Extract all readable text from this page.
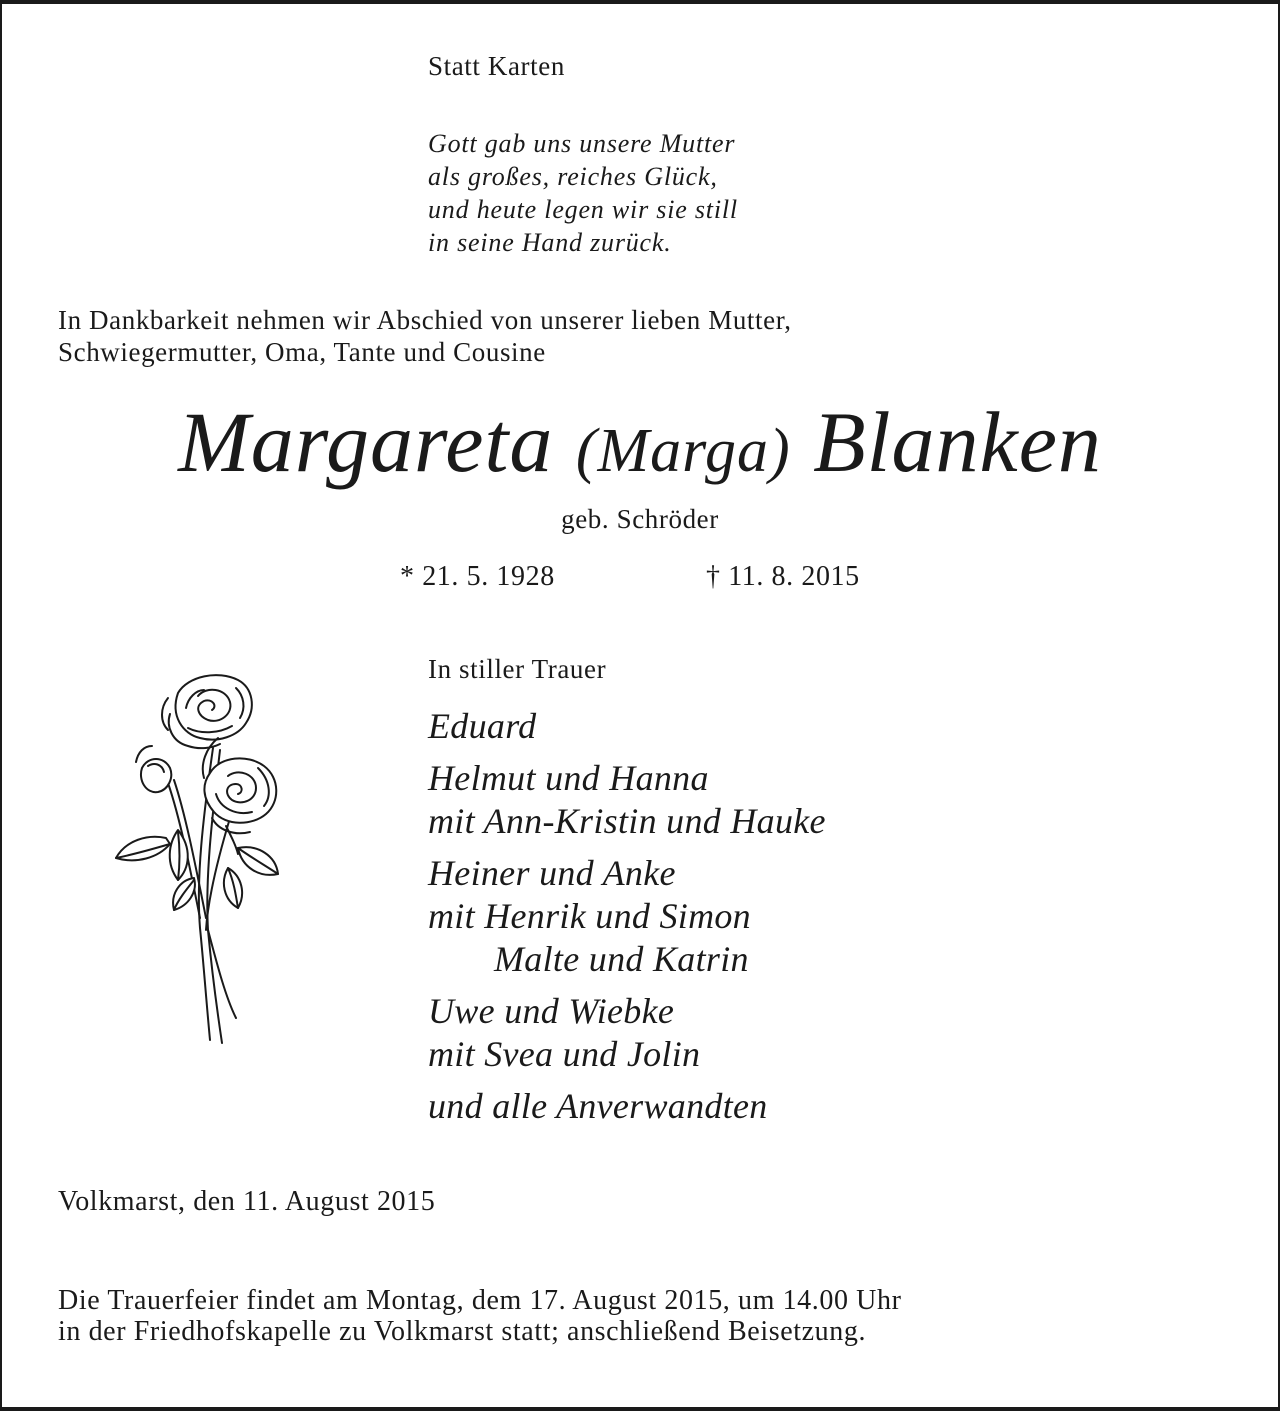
Statt Karten
Gott gab uns unsere Mutter
als großes, reiches Glück,
und heute legen wir sie still
in seine Hand zurück.
In Dankbarkeit nehmen wir Abschied von unserer lieben Mutter,
Schwiegermutter, Oma, Tante und Cousine
Margareta (Marga) Blanken
geb. Schröder
* 21. 5. 1928	† 11. 8. 2015
In stiller Trauer
Eduard
Helmut und Hanna
mit Ann-Kristin und Hauke
Heiner und Anke
mit Henrik und Simon
Malte und Katrin
Uwe und Wiebke
mit Svea und Jolin
und alle Anverwandten
Volkmarst, den 11. August 2015
Die Trauerfeier findet am Montag, dem 17. August 2015, um 14.00 Uhr
in der Friedhofskapelle zu Volkmarst statt; anschließend Beisetzung.
